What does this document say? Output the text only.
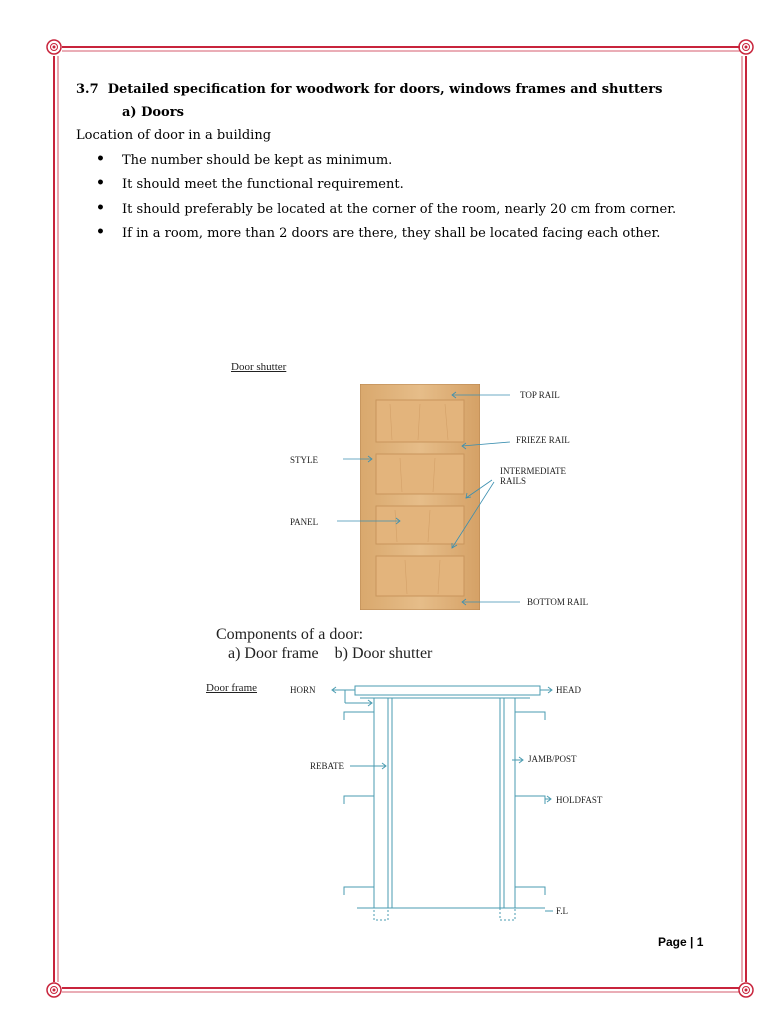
3.7 Detailed specification for woodwork for doors, windows frames and shutters
a) Doors
Location of door in a building
• The number should be kept as minimum.
• It should meet the functional requirement.
• It should preferably be located at the corner of the room, nearly 20 cm from corner.
• If in a room, more than 2 doors are there, they shall be located facing each other.
Door shutter
TOP RAIL
FRIEZE RAIL
STYLE
INTERMEDIATE
RAILS
PANEL
BOTTOM RAIL
Components of a door:
a) Door frame    b) Door shutter
Door frame	HORN	HEAD
JAMB/POST
REBATE
HOLDFAST
F.L
Page | 1
